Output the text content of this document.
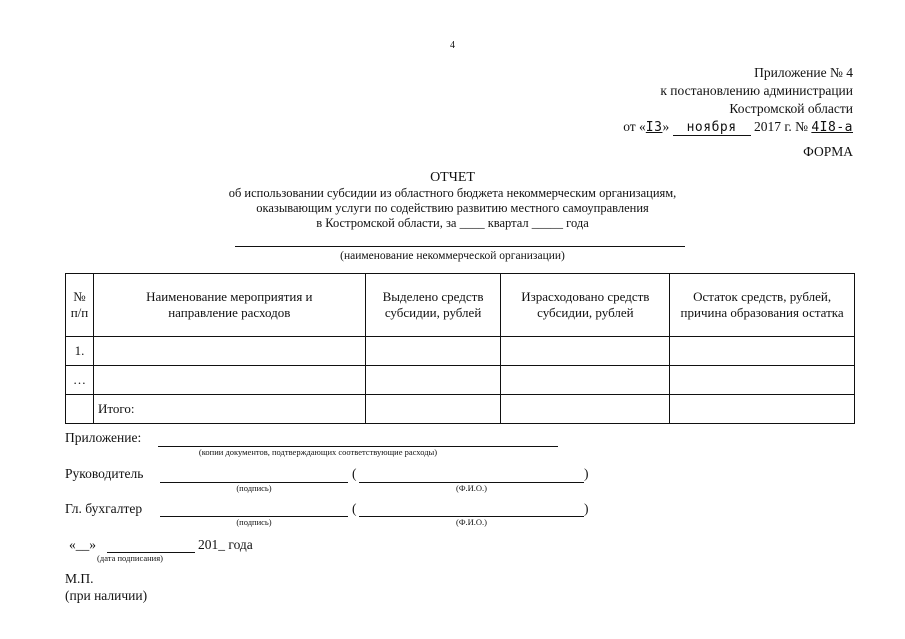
4
Приложение № 4
к постановлению администрации
Костромской области
от «I3» ноября 2017 г. № 4I8-а
ФОРМА
ОТЧЕТ
об использовании субсидии из областного бюджета некоммерческим организациям,
оказывающим услуги по содействию развитию местного самоуправления
в Костромской области, за ____ квартал _____ года
(наименование некоммерческой организации)
№ п/п	Наименование мероприятия и направление расходов	Выделено средств субсидии, рублей	Израсходовано средств субсидии, рублей	Остаток средств, рублей, причина образования остатка
1.				
…				
	Итого:			
Приложение:
(копии документов, подтверждающих соответствующие расходы)
Руководитель
(подпись)
(	)
(Ф.И.О.)
Гл. бухгалтер
(подпись)
(	)
(Ф.И.О.)
«__»	201_ года
(дата подписания)
М.П.
(при наличии)
